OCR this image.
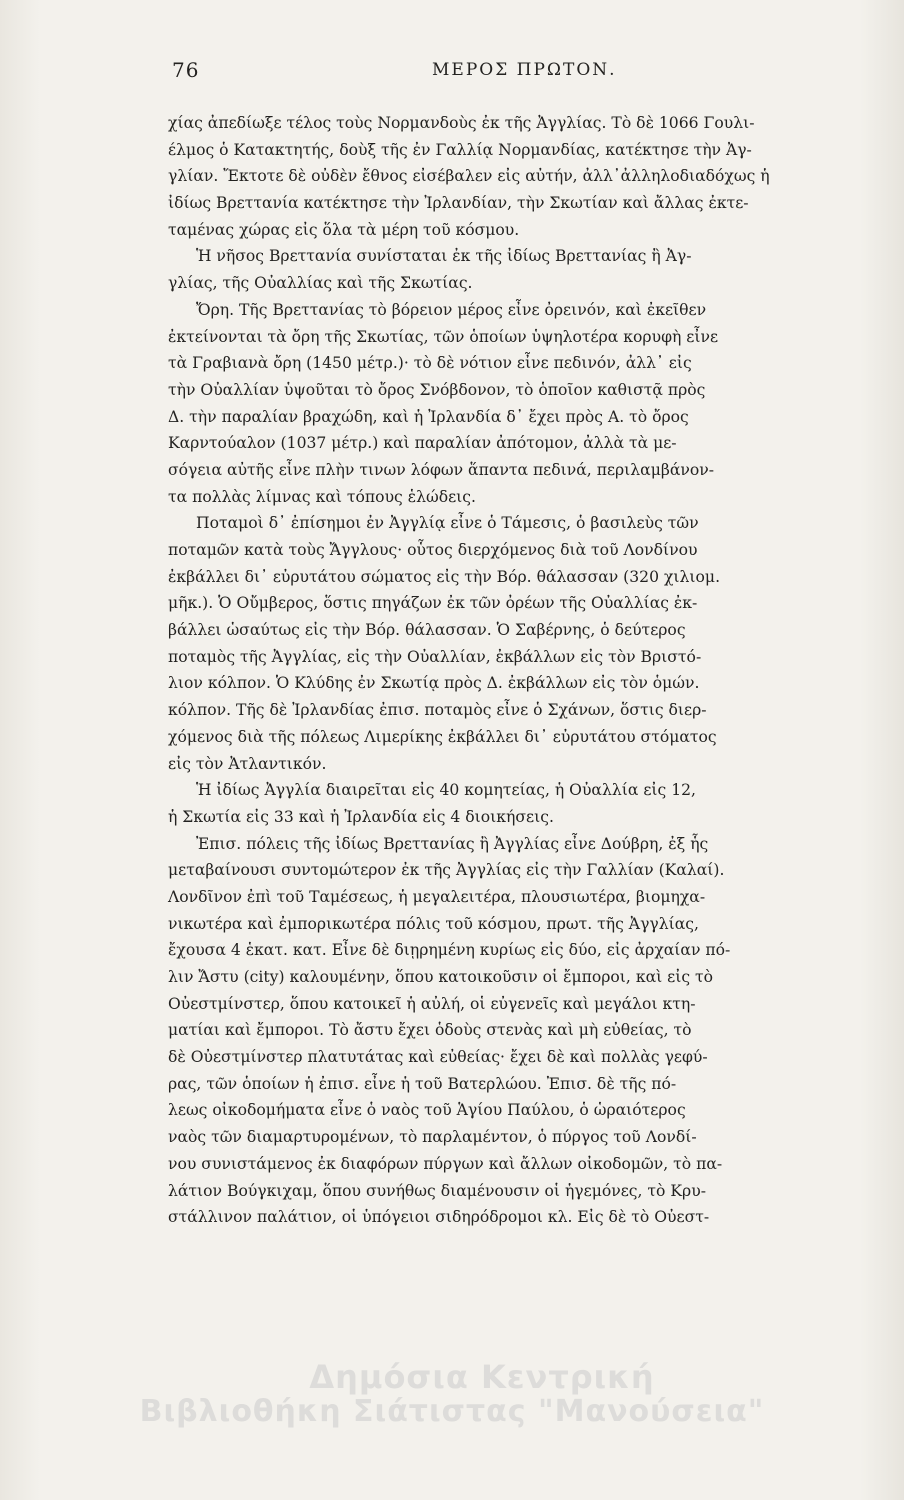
76	ΜΕΡΟΣ ΠΡΩΤΟΝ.
χίας ἀπεδίωξε τέλος τοὺς Νορμανδοὺς ἐκ τῆς Ἀγγλίας. Τὸ δὲ 1066 Γουλι-
έλμος ὁ Κατακτητής, δοὺξ τῆς ἐν Γαλλίᾳ Νορμανδίας, κατέκτησε τὴν Ἀγ-
γλίαν. Ἔκτοτε δὲ οὐδὲν ἔθνος εἰσέβαλεν εἰς αὐτήν, ἀλλ᾽ἀλληλοδιαδόχως ἡ
ἰδίως Βρεττανία κατέκτησε τὴν Ἰρλανδίαν, τὴν Σκωτίαν καὶ ἄλλας ἐκτε-
ταμένας χώρας εἰς ὅλα τὰ μέρη τοῦ κόσμου.
Ἡ νῆσος Βρεττανία συνίσταται ἐκ τῆς ἰδίως Βρεττανίας ἢ Ἀγ-
γλίας, τῆς Οὐαλλίας καὶ τῆς Σκωτίας.
Ὄρη. Τῆς Βρεττανίας τὸ βόρειον μέρος εἶνε ὀρεινόν, καὶ ἐκεῖθεν
ἐκτείνονται τὰ ὄρη τῆς Σκωτίας, τῶν ὁποίων ὑψηλοτέρα κορυφὴ εἶνε
τὰ Γραβιανὰ ὄρη (1450 μέτρ.)· τὸ δὲ νότιον εἶνε πεδινόν, ἀλλ᾽ εἰς
τὴν Οὐαλλίαν ὑψοῦται τὸ ὄρος Σνόβδονον, τὸ ὁποῖον καθιστᾷ πρὸς
Δ. τὴν παραλίαν βραχώδη, καὶ ἡ Ἰρλανδία δ᾽ ἔχει πρὸς Α. τὸ ὄρος
Καρντούαλον (1037 μέτρ.) καὶ παραλίαν ἀπότομον, ἀλλὰ τὰ με-
σόγεια αὐτῆς εἶνε πλὴν τινων λόφων ἅπαντα πεδινά, περιλαμβάνον-
τα πολλὰς λίμνας καὶ τόπους ἑλώδεις.
Ποταμοὶ δ᾽ ἐπίσημοι ἐν Ἀγγλίᾳ εἶνε ὁ Τάμεσις, ὁ βασιλεὺς τῶν
ποταμῶν κατὰ τοὺς Ἄγγλους· οὗτος διερχόμενος διὰ τοῦ Λονδίνου
ἐκβάλλει δι᾽ εὐρυτάτου σώματος εἰς τὴν Βόρ. θάλασσαν (320 χιλιομ.
μῆκ.). Ὁ Οὔμβερος, ὅστις πηγάζων ἐκ τῶν ὀρέων τῆς Οὐαλλίας ἐκ-
βάλλει ὡσαύτως εἰς τὴν Βόρ. θάλασσαν. Ὁ Σαβέρνης, ὁ δεύτερος
ποταμὸς τῆς Ἀγγλίας, εἰς τὴν Οὐαλλίαν, ἐκβάλλων εἰς τὸν Βριστό-
λιον κόλπον. Ὁ Κλύδης ἐν Σκωτίᾳ πρὸς Δ. ἐκβάλλων εἰς τὸν ὁμών.
κόλπον. Τῆς δὲ Ἰρλανδίας ἐπισ. ποταμὸς εἶνε ὁ Σχάνων, ὅστις διερ-
χόμενος διὰ τῆς πόλεως Λιμερίκης ἐκβάλλει δι᾽ εὐρυτάτου στόματος
εἰς τὸν Ἀτλαντικόν.
Ἡ ἰδίως Ἀγγλία διαιρεῖται εἰς 40 κομητείας, ἡ Οὐαλλία εἰς 12,
ἡ Σκωτία εἰς 33 καὶ ἡ Ἰρλανδία εἰς 4 διοικήσεις.
Ἐπισ. πόλεις τῆς ἰδίως Βρεττανίας ἢ Ἀγγλίας εἶνε Δούβρη, ἐξ ἧς
μεταβαίνουσι συντομώτερον ἐκ τῆς Ἀγγλίας εἰς τὴν Γαλλίαν (Καλαί).
Λονδῖνον ἐπὶ τοῦ Ταμέσεως, ἡ μεγαλειτέρα, πλουσιωτέρα, βιομηχα-
νικωτέρα καὶ ἐμπορικωτέρα πόλις τοῦ κόσμου, πρωτ. τῆς Ἀγγλίας,
ἔχουσα 4 ἑκατ. κατ. Εἶνε δὲ διῃρημένη κυρίως εἰς δύο, εἰς ἀρχαίαν πό-
λιν Ἄστυ (city) καλουμένην, ὅπου κατοικοῦσιν οἱ ἔμποροι, καὶ εἰς τὸ
Οὐεστμίνστερ, ὅπου κατοικεῖ ἡ αὐλή, οἱ εὐγενεῖς καὶ μεγάλοι κτη-
ματίαι καὶ ἔμποροι. Τὸ ἄστυ ἔχει ὁδοὺς στενὰς καὶ μὴ εὐθείας, τὸ
δὲ Οὐεστμίνστερ πλατυτάτας καὶ εὐθείας· ἔχει δὲ καὶ πολλὰς γεφύ-
ρας, τῶν ὁποίων ἡ ἐπισ. εἶνε ἡ τοῦ Βατερλώου. Ἐπισ. δὲ τῆς πό-
λεως οἰκοδομήματα εἶνε ὁ ναὸς τοῦ Ἁγίου Παύλου, ὁ ὡραιότερος
ναὸς τῶν διαμαρτυρομένων, τὸ παρλαμέντον, ὁ πύργος τοῦ Λονδί-
νου συνιστάμενος ἐκ διαφόρων πύργων καὶ ἄλλων οἰκοδομῶν, τὸ πα-
λάτιον Βούγκιχαμ, ὅπου συνήθως διαμένουσιν οἱ ἡγεμόνες, τὸ Κρυ-
στάλλινον παλάτιον, οἱ ὑπόγειοι σιδηρόδρομοι κλ. Εἰς δὲ τὸ Οὐεστ-
Δημόσια Κεντρική
Βιβλιοθήκη Σιάτιστας "Μανούσεια"
